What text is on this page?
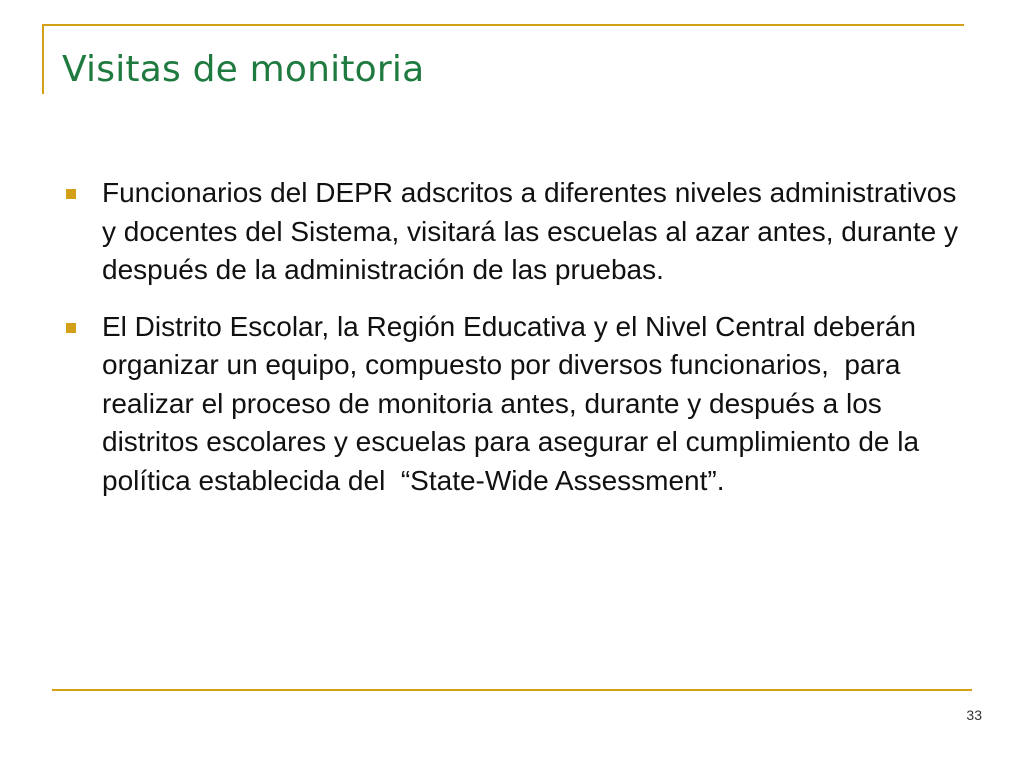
Visitas de monitoria
Funcionarios del DEPR adscritos a diferentes niveles administrativos y docentes del Sistema, visitará las escuelas al azar antes, durante y después de la administración de las pruebas.
El Distrito Escolar, la Región Educativa y el Nivel Central deberán organizar un equipo, compuesto por diversos funcionarios,  para  realizar el proceso de monitoria antes, durante y después a los distritos escolares y escuelas para asegurar el cumplimiento de la política establecida del  “State-Wide Assessment”.
33
